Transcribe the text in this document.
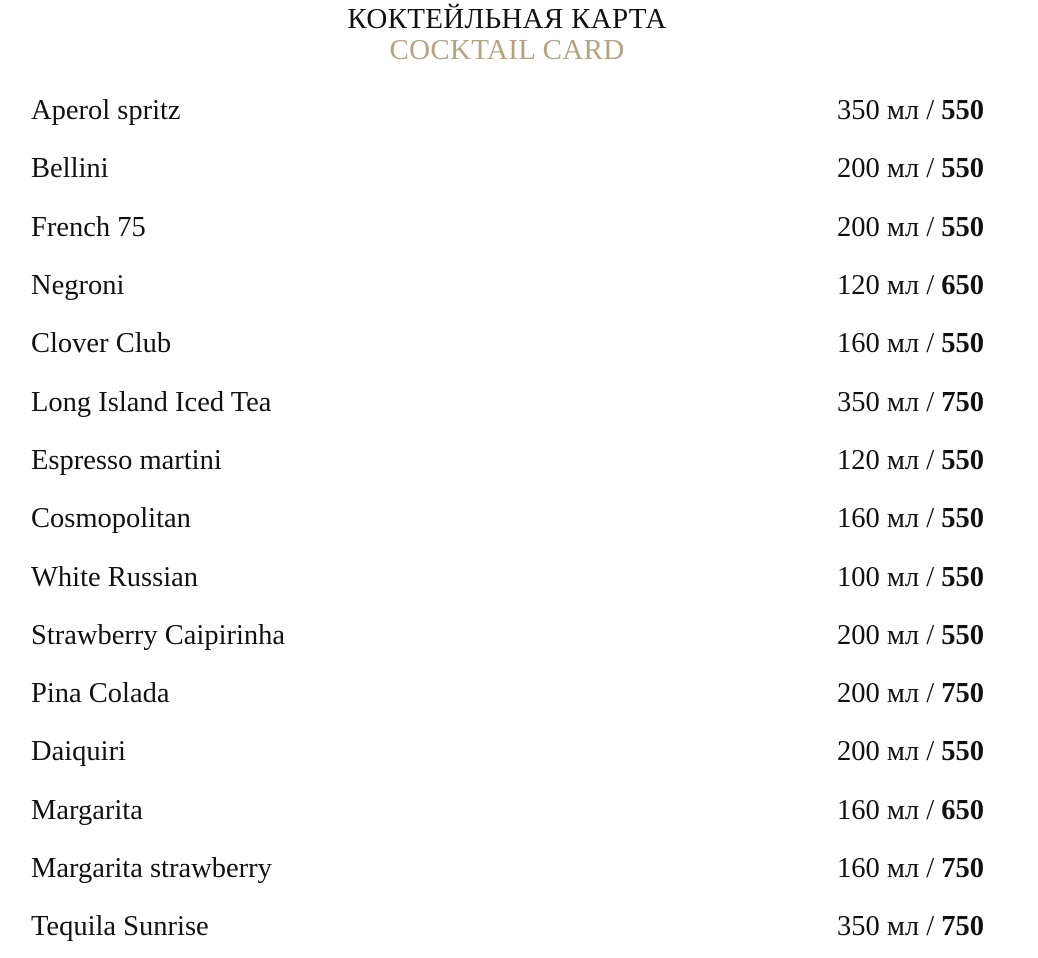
КОКТЕЙЛЬНАЯ КАРТА
COCKTAIL CARD
Aperol spritz	350 мл / 550
Bellini	200 мл / 550
French 75	200 мл / 550
Negroni	120 мл / 650
Clover Club	160 мл / 550
Long Island Iced Tea	350 мл / 750
Espresso martini	120 мл / 550
Cosmopolitan	160 мл / 550
White Russian	100 мл / 550
Strawberry Caipirinha	200 мл / 550
Pina Colada	200 мл / 750
Daiquiri	200 мл / 550
Margarita	160 мл / 650
Margarita strawberry	160 мл / 750
Tequila Sunrise	350 мл / 750
